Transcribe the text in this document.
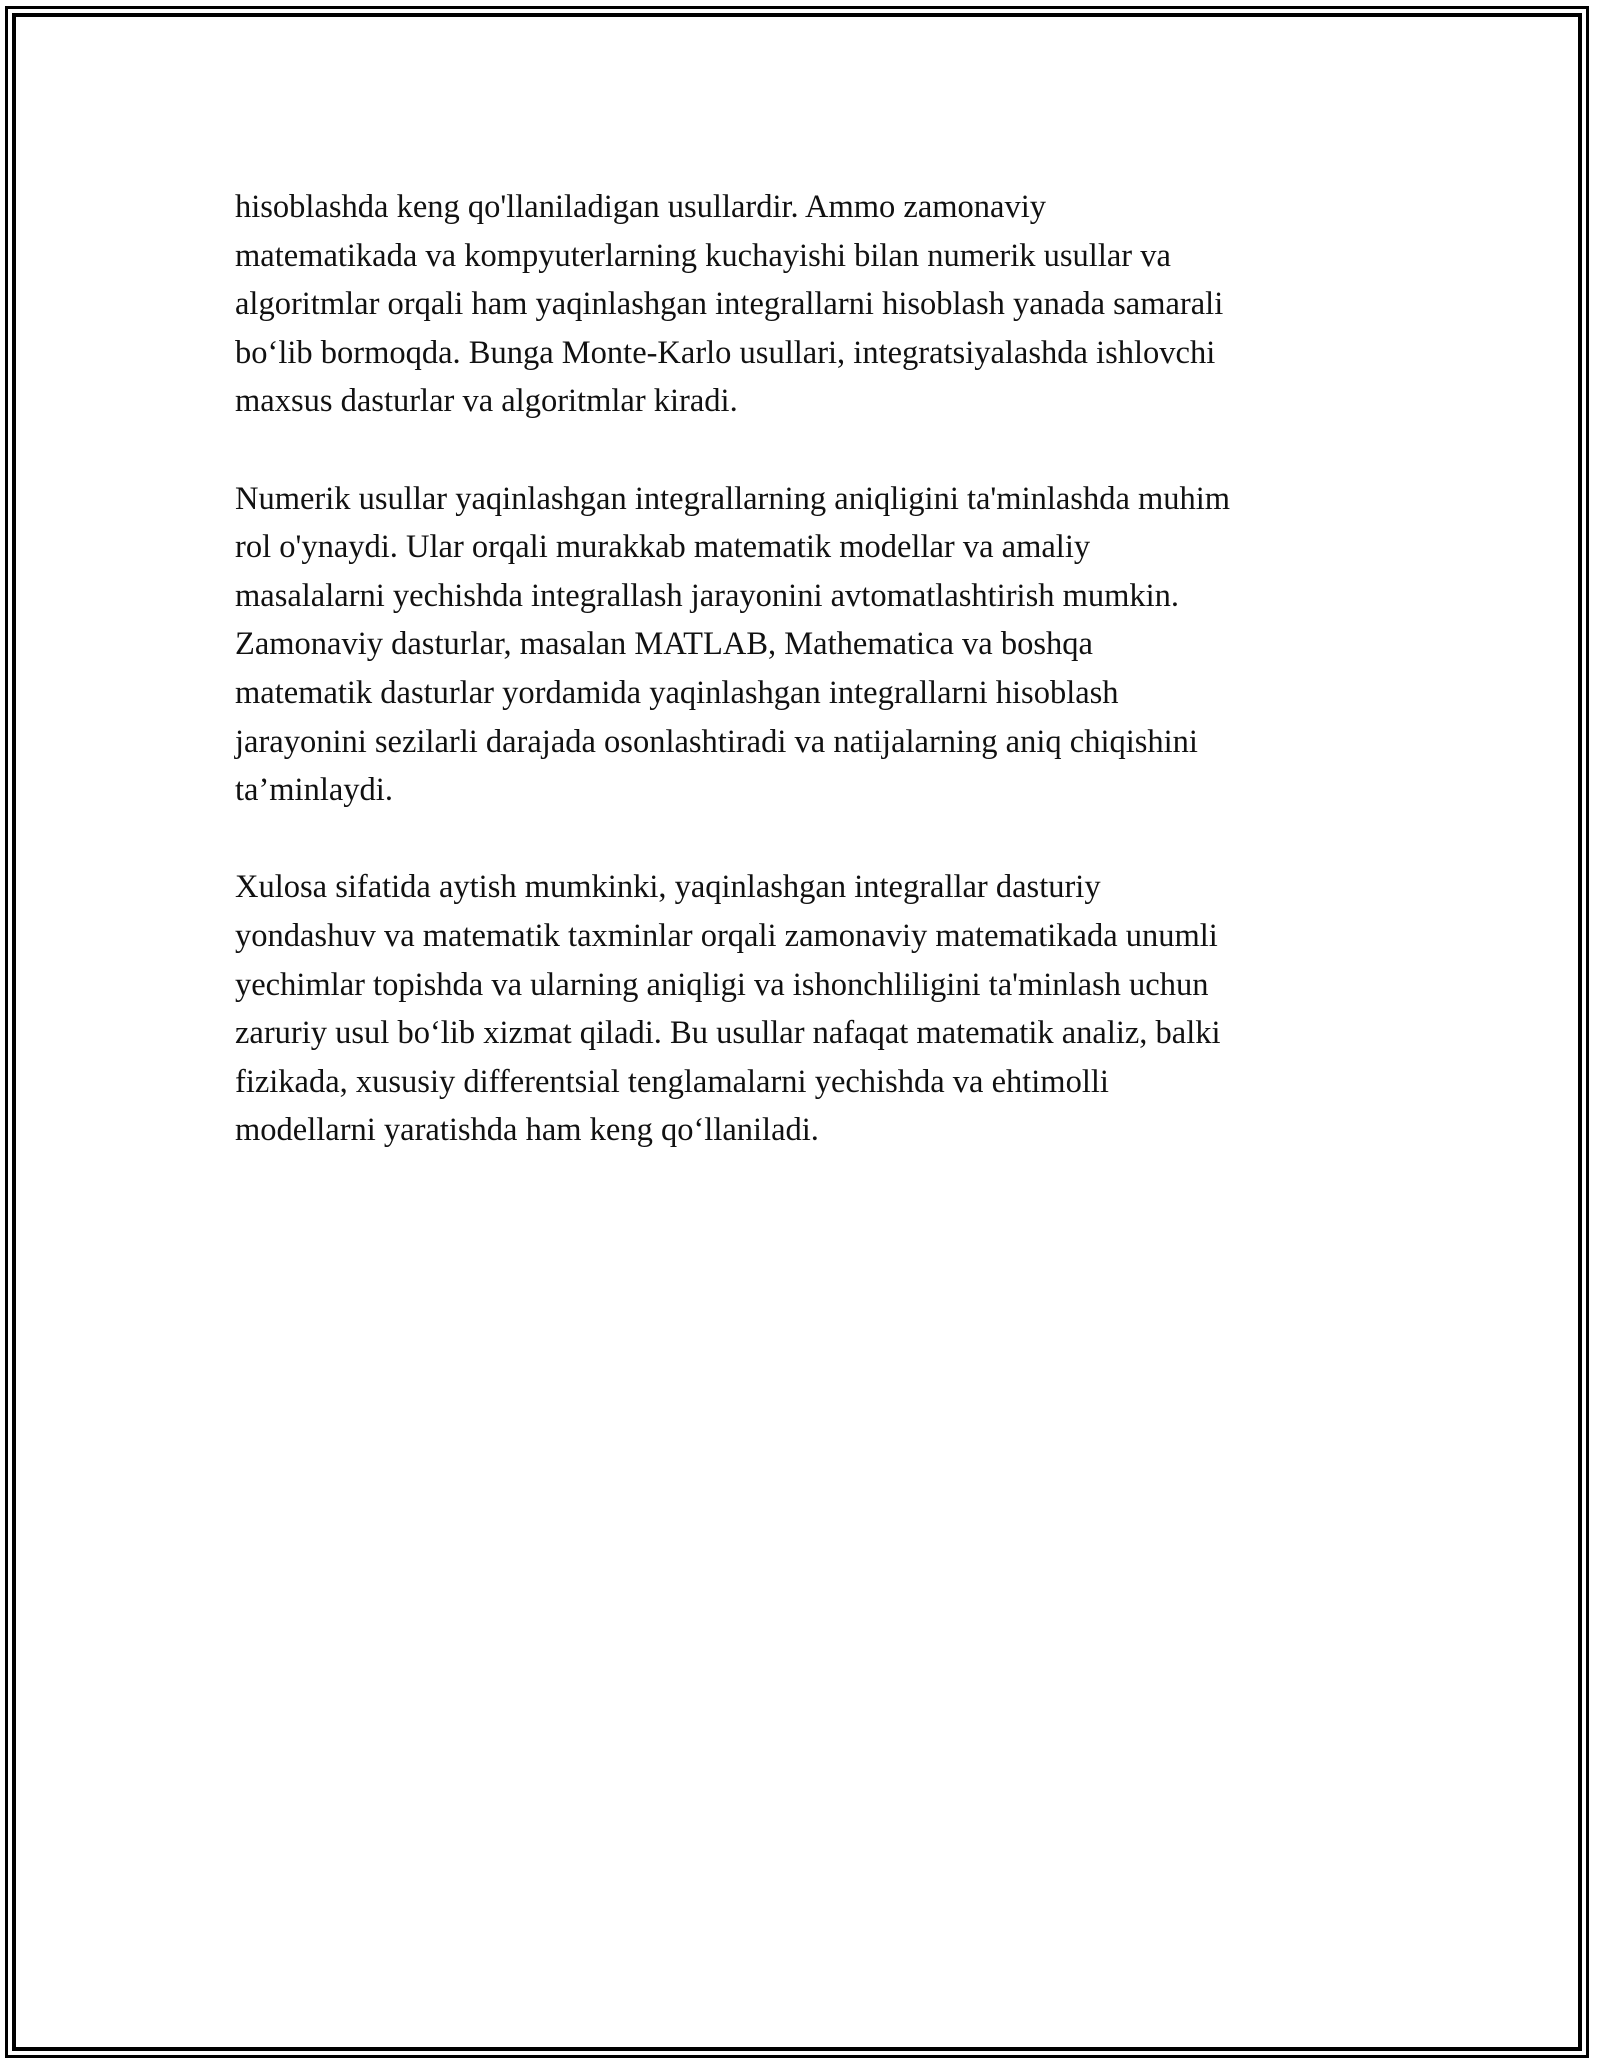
hisoblashda keng qo'llaniladigan usullardir. Ammo zamonaviy
matematikada va kompyuterlarning kuchayishi bilan numerik usullar va
algoritmlar orqali ham yaqinlashgan integrallarni hisoblash yanada samarali
bo‘lib bormoqda. Bunga Monte-Karlo usullari, integratsiyalashda ishlovchi
maxsus dasturlar va algoritmlar kiradi.

Numerik usullar yaqinlashgan integrallarning aniqligini ta'minlashda muhim
rol o'ynaydi. Ular orqali murakkab matematik modellar va amaliy
masalalarni yechishda integrallash jarayonini avtomatlashtirish mumkin.
Zamonaviy dasturlar, masalan MATLAB, Mathematica va boshqa
matematik dasturlar yordamida yaqinlashgan integrallarni hisoblash
jarayonini sezilarli darajada osonlashtiradi va natijalarning aniq chiqishini
ta’minlaydi.

Xulosa sifatida aytish mumkinki, yaqinlashgan integrallar dasturiy
yondashuv va matematik taxminlar orqali zamonaviy matematikada unumli
yechimlar topishda va ularning aniqligi va ishonchliligini ta'minlash uchun
zaruriy usul bo‘lib xizmat qiladi. Bu usullar nafaqat matematik analiz, balki
fizikada, xususiy differentsial tenglamalarni yechishda va ehtimolli
modellarni yaratishda ham keng qo‘llaniladi.
